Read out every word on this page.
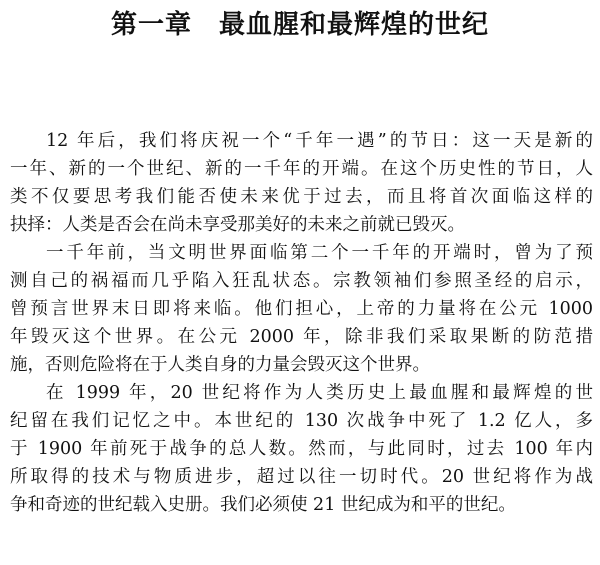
第一章　最血腥和最辉煌的世纪
12 年后，我们将庆祝一个“千年一遇”的节日：这一天是新的
一年、新的一个世纪、新的一千年的开端。在这个历史性的节日，人
类不仅要思考我们能否使未来优于过去，而且将首次面临这样的
抉择：人类是否会在尚未享受那美好的未来之前就已毁灭。
一千年前，当文明世界面临第二个一千年的开端时，曾为了预
测自己的祸福而几乎陷入狂乱状态。宗教领袖们参照圣经的启示，
曾预言世界末日即将来临。他们担心，上帝的力量将在公元 1000
年毁灭这个世界。在公元 2000 年，除非我们采取果断的防范措
施，否则危险将在于人类自身的力量会毁灭这个世界。
在 1999 年，20 世纪将作为人类历史上最血腥和最辉煌的世
纪留在我们记忆之中。本世纪的 130 次战争中死了 1.2 亿人，多
于 1900 年前死于战争的总人数。然而，与此同时，过去 100 年内
所取得的技术与物质进步，超过以往一切时代。20 世纪将作为战
争和奇迹的世纪载入史册。我们必须使 21 世纪成为和平的世纪。
